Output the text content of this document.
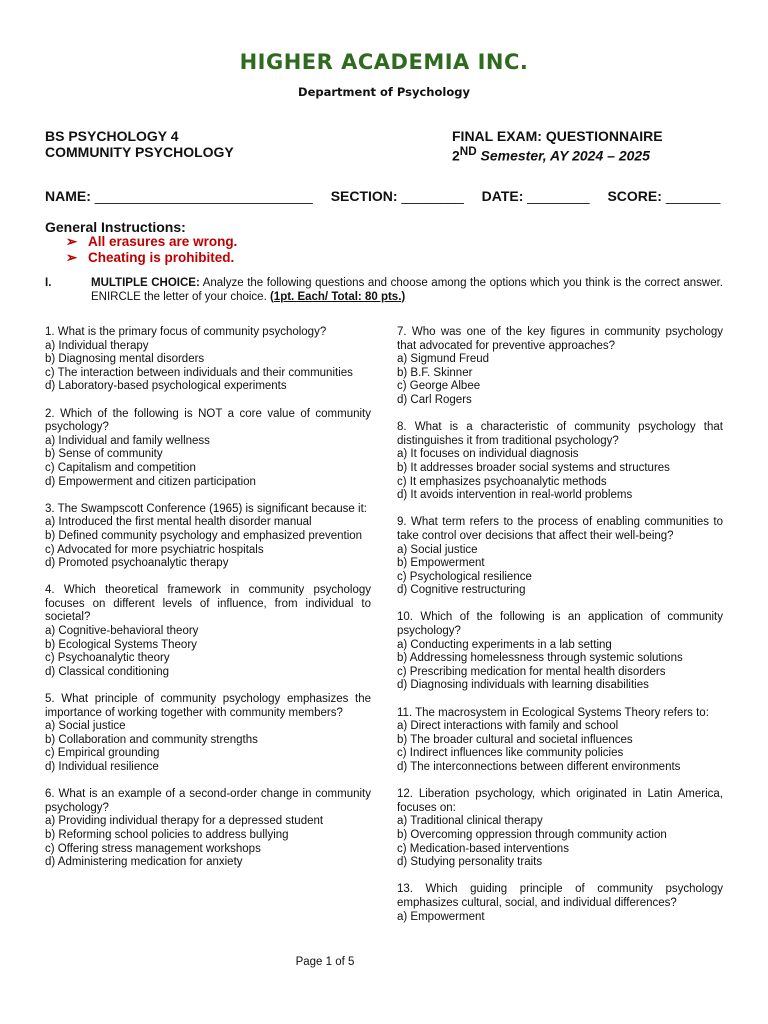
HIGHER ACADEMIA INC.
Department of Psychology
BS PSYCHOLOGY 4
COMMUNITY PSYCHOLOGY
FINAL EXAM: QUESTIONNAIRE
2ND Semester, AY 2024 – 2025
NAME: ____________________________ SECTION: ________ DATE: ________ SCORE: _______
General Instructions:
➢ All erasures are wrong.
➢ Cheating is prohibited.
I.	MULTIPLE CHOICE: Analyze the following questions and choose among the options which you think is the correct answer. ENIRCLE the letter of your choice. (1pt. Each/ Total: 80 pts.)
1. What is the primary focus of community psychology?
a) Individual therapy
b) Diagnosing mental disorders
c) The interaction between individuals and their communities
d) Laboratory-based psychological experiments
2. Which of the following is NOT a core value of community psychology?
a) Individual and family wellness
b) Sense of community
c) Capitalism and competition
d) Empowerment and citizen participation
3. The Swampscott Conference (1965) is significant because it:
a) Introduced the first mental health disorder manual
b) Defined community psychology and emphasized prevention
c) Advocated for more psychiatric hospitals
d) Promoted psychoanalytic therapy
4. Which theoretical framework in community psychology focuses on different levels of influence, from individual to societal?
a) Cognitive-behavioral theory
b) Ecological Systems Theory
c) Psychoanalytic theory
d) Classical conditioning
5. What principle of community psychology emphasizes the importance of working together with community members?
a) Social justice
b) Collaboration and community strengths
c) Empirical grounding
d) Individual resilience
6. What is an example of a second-order change in community psychology?
a) Providing individual therapy for a depressed student
b) Reforming school policies to address bullying
c) Offering stress management workshops
d) Administering medication for anxiety
7. Who was one of the key figures in community psychology that advocated for preventive approaches?
a) Sigmund Freud
b) B.F. Skinner
c) George Albee
d) Carl Rogers
8. What is a characteristic of community psychology that distinguishes it from traditional psychology?
a) It focuses on individual diagnosis
b) It addresses broader social systems and structures
c) It emphasizes psychoanalytic methods
d) It avoids intervention in real-world problems
9. What term refers to the process of enabling communities to take control over decisions that affect their well-being?
a) Social justice
b) Empowerment
c) Psychological resilience
d) Cognitive restructuring
10. Which of the following is an application of community psychology?
a) Conducting experiments in a lab setting
b) Addressing homelessness through systemic solutions
c) Prescribing medication for mental health disorders
d) Diagnosing individuals with learning disabilities
11. The macrosystem in Ecological Systems Theory refers to:
a) Direct interactions with family and school
b) The broader cultural and societal influences
c) Indirect influences like community policies
d) The interconnections between different environments
12. Liberation psychology, which originated in Latin America, focuses on:
a) Traditional clinical therapy
b) Overcoming oppression through community action
c) Medication-based interventions
d) Studying personality traits
13. Which guiding principle of community psychology emphasizes cultural, social, and individual differences?
a) Empowerment
Page 1 of 5
